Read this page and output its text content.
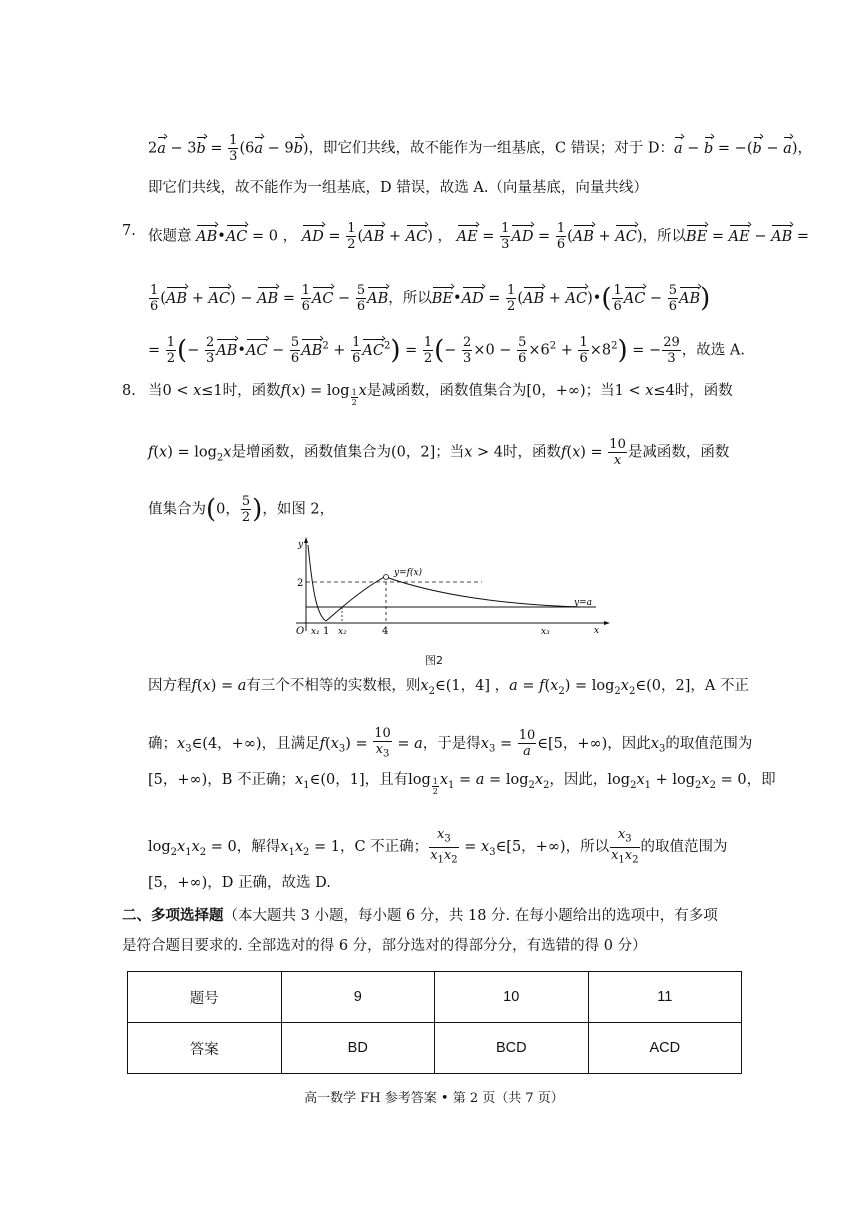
$2a - 3b = \frac{1}{3} (6a - 9b)$，即它们共线，故不能作为一组基底，C 错误；对于 D：a − b = −(b − a)，
即它们共线，故不能作为一组基底，D 错误，故选 A.（向量基底，向量共线）
7. 依题意 AB•AC = 0 ， AD = $\frac{1}{2} (AB + AC)$ ， AE = $\frac{1}{3}$ AD = $\frac{1}{6} (AB + AC)$，所以BE = AE − AB =
$\frac{1}{6} (AB + AC)$ − AB = $\frac{1}{6}$ AC − $\frac{5}{6}$ AB，所以BE•AD = $\frac{1}{2} (AB$ + AC)•( $\frac{1}{6}$ AC − $\frac{5}{6} AB$)
= $\frac{1}{2}$ (− $\frac{2}{3}$ AB•AC − $\frac{5}{6} AB^2 + \frac{1}{6} AC^2) = \frac{1}{2}$ (− $\frac{2}{3} \times 0 - \frac{5}{6} \times 6^2 + \frac{1}{6} \times 8^2$) = − $\frac{29}{3}$ ，故选 A.
8. 当0 < x≤1时，函数f(x) = log $_{\frac{1}{2}}$ x是减函数，函数值集合为[0，+∞)；当1 < x≤4时，函数
$f(x) = \log_2x$是增函数，函数值集合为(0，2]；当x > 4时，函数$f(x) = \frac{10}{x}$ 是减函数，函数
值集合为(0， $\frac{5}{2}$ )，如图 2，
y
x
O
2
x₁ 1 x₂	4	x₃
y=f(x)
y=a
图2
因方程f(x) = a有三个不相等的实数根，则$x_2\in(1$，4] ，$a = f(x_2)$ = $\log_2x_2\in(0$，2]，A 不正
确；$x_3\in(4$，+∞)，且满足$f(x_3) = \frac{10}{x_3} = a$，于是得$x_3 = \frac{10}{a}$ ∈[5，+∞)，因此$x_3$的取值范围为
[5，+∞)，B 不正确；$x_1\in(0$，1]，且有log $_{\frac{1}{2}}$ $x_1 = a = \log_2x_2$，因此，$\log_2x_1 + \log_2x_2 = 0$，即
$\log_2x_1x_2 = 0$，解得$x_1x_2 = 1$，C 不正确； $\frac{x_3}{x_1x_2}$ = $x_3\in[5$，+∞)，所以 $\frac{x_3}{x_1x_2}$ 的取值范围为
[5，+∞)，D 正确，故选 D.
二、多项选择题（本大题共 3 小题，每小题 6 分，共 18 分. 在每小题给出的选项中，有多项
是符合题目要求的. 全部选对的得 6 分，部分选对的得部分分，有选错的得 0 分）
题号	9	10	11
答案	BD	BCD	ACD
高一数学 FH 参考答案 • 第 2 页（共 7 页）
